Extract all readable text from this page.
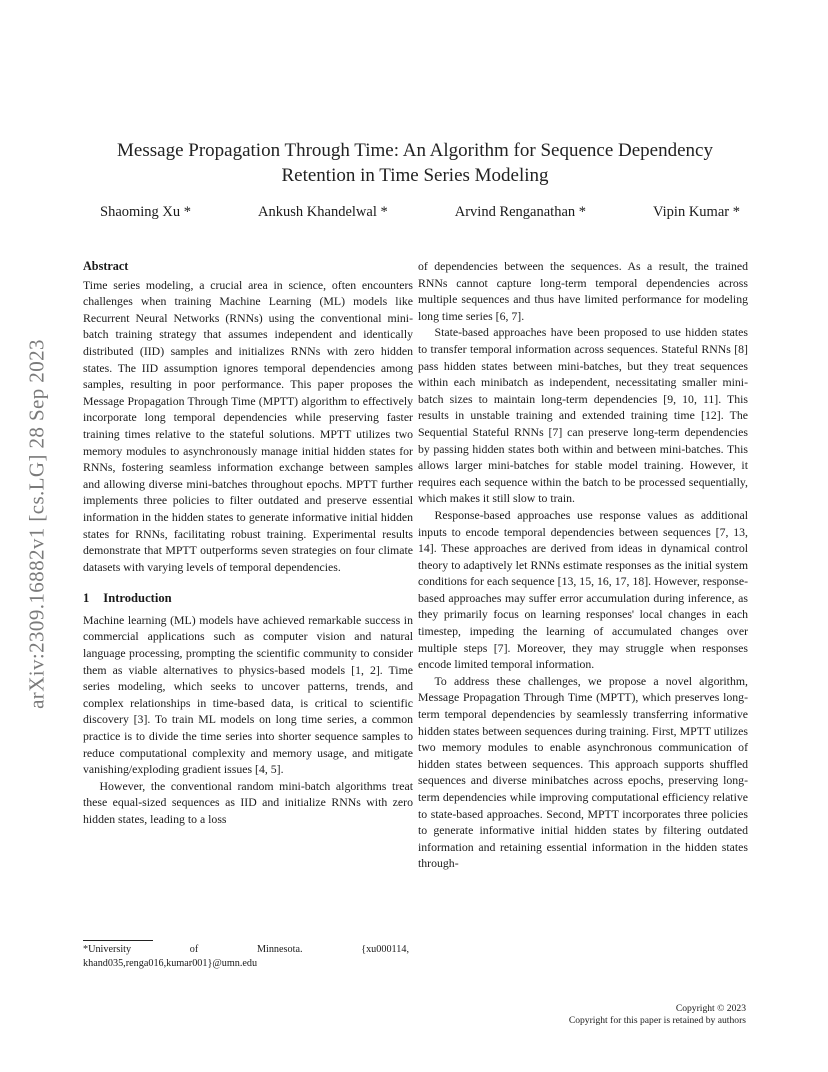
arXiv:2309.16882v1 [cs.LG] 28 Sep 2023
Message Propagation Through Time: An Algorithm for Sequence Dependency
Retention in Time Series Modeling
Shaoming Xu *	Ankush Khandelwal *	Arvind Renganathan *	Vipin Kumar *
Abstract

Time series modeling, a crucial area in science, often encounters challenges when training Machine Learning (ML) models like Recurrent Neural Networks (RNNs) using the conventional mini-batch training strategy that assumes independent and identically distributed (IID) samples and initializes RNNs with zero hidden states. The IID assumption ignores temporal dependencies among samples, resulting in poor performance. This paper proposes the Message Propagation Through Time (MPTT) algorithm to effectively incorporate long temporal dependencies while preserving faster training times relative to the stateful solutions. MPTT utilizes two memory modules to asynchronously manage initial hidden states for RNNs, fostering seamless information exchange between samples and allowing diverse mini-batches throughout epochs. MPTT further implements three policies to filter outdated and preserve essential information in the hidden states to generate informative initial hidden states for RNNs, facilitating robust training. Experimental results demonstrate that MPTT outperforms seven strategies on four climate datasets with varying levels of temporal dependencies.

1 Introduction

Machine learning (ML) models have achieved remarkable success in commercial applications such as computer vision and natural language processing, prompting the scientific community to consider them as viable alternatives to physics-based models [1, 2]. Time series modeling, which seeks to uncover patterns, trends, and complex relationships in time-based data, is critical to scientific discovery [3]. To train ML models on long time series, a common practice is to divide the time series into shorter sequence samples to reduce computational complexity and memory usage, and mitigate vanishing/exploding gradient issues [4, 5].

However, the conventional random mini-batch algorithms treat these equal-sized sequences as IID and initialize RNNs with zero hidden states, leading to a loss

of dependencies between the sequences. As a result, the trained RNNs cannot capture long-term temporal dependencies across multiple sequences and thus have limited performance for modeling long time series [6, 7].

State-based approaches have been proposed to use hidden states to transfer temporal information across sequences. Stateful RNNs [8] pass hidden states between mini-batches, but they treat sequences within each minibatch as independent, necessitating smaller mini-batch sizes to maintain long-term dependencies [9, 10, 11]. This results in unstable training and extended training time [12]. The Sequential Stateful RNNs [7] can preserve long-term dependencies by passing hidden states both within and between mini-batches. This allows larger mini-batches for stable model training. However, it requires each sequence within the batch to be processed sequentially, which makes it still slow to train.

Response-based approaches use response values as additional inputs to encode temporal dependencies between sequences [7, 13, 14]. These approaches are derived from ideas in dynamical control theory to adaptively let RNNs estimate responses as the initial system conditions for each sequence [13, 15, 16, 17, 18]. However, response-based approaches may suffer error accumulation during inference, as they primarily focus on learning responses' local changes in each timestep, impeding the learning of accumulated changes over multiple steps [7]. Moreover, they may struggle when responses encode limited temporal information.

To address these challenges, we propose a novel algorithm, Message Propagation Through Time (MPTT), which preserves long-term temporal dependencies by seamlessly transferring informative hidden states between sequences during training. First, MPTT utilizes two memory modules to enable asynchronous communication of hidden states between sequences. This approach supports shuffled sequences and diverse minibatches across epochs, preserving long-term dependencies while improving computational efficiency relative to state-based approaches. Second, MPTT incorporates three policies to generate informative initial hidden states by filtering outdated information and retaining essential information in the hidden states through-

*University of Minnesota. {xu000114, khand035,renga016,kumar001}@umn.edu
Copyright © 2023
Copyright for this paper is retained by authors
